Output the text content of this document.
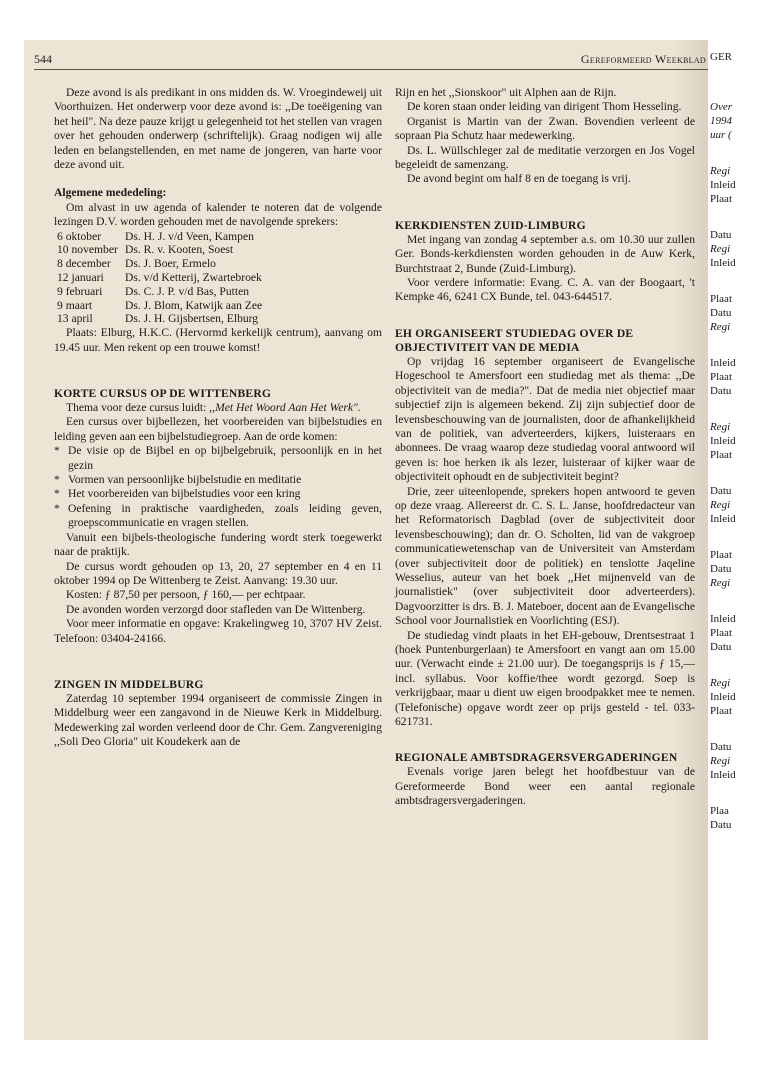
544	Gereformeerd Weekblad

Deze avond is als predikant in ons midden ds. W. Vroegindeweij uit Voorthuizen. Het onderwerp voor deze avond is: ,,De toeëigening van het heil". Na deze pauze krijgt u gelegenheid tot het stellen van vragen over het gehouden onderwerp (schriftelijk). Graag nodigen wij alle leden en belangstellenden, en met name de jongeren, van harte voor deze avond uit.

Algemene mededeling:

Om alvast in uw agenda of kalender te noteren dat de volgende lezingen D.V. worden gehouden met de navolgende sprekers:

6 oktober	Ds. H. J. v/d Veen, Kampen
10 november	Ds. R. v. Kooten, Soest
8 december	Ds. J. Boer, Ermelo
12 januari	Ds. v/d Ketterij, Zwartebroek
9 februari	Ds. C. J. P. v/d Bas, Putten
9 maart	Ds. J. Blom, Katwijk aan Zee
13 april	Ds. J. H. Gijsbertsen, Elburg

Plaats: Elburg, H.K.C. (Hervormd kerkelijk centrum), aanvang om 19.45 uur. Men rekent op een trouwe komst!

KORTE CURSUS OP DE WITTENBERG

Thema voor deze cursus luidt: ,,Met Het Woord Aan Het Werk".

Een cursus over bijbellezen, het voorbereiden van bijbelstudies en leiding geven aan een bijbelstudiegroep. Aan de orde komen:

* De visie op de Bijbel en op bijbelgebruik, persoonlijk en in het gezin
* Vormen van persoonlijke bijbelstudie en meditatie
* Het voorbereiden van bijbelstudies voor een kring
* Oefening in praktische vaardigheden, zoals leiding geven, groepscommunicatie en vragen stellen.

Vanuit een bijbels-theologische fundering wordt sterk toegewerkt naar de praktijk.

De cursus wordt gehouden op 13, 20, 27 september en 4 en 11 oktober 1994 op De Wittenberg te Zeist. Aanvang: 19.30 uur.

Kosten: ƒ 87,50 per persoon, ƒ 160,— per echtpaar.

De avonden worden verzorgd door stafleden van De Wittenberg.

Voor meer informatie en opgave: Krakelingweg 10, 3707 HV Zeist. Telefoon: 03404-24166.

ZINGEN IN MIDDELBURG

Zaterdag 10 september 1994 organiseert de commissie Zingen in Middelburg weer een zangavond in de Nieuwe Kerk in Middelburg. Medewerking zal worden verleend door de Chr. Gem. Zangvereniging ,,Soli Deo Gloria" uit Koudekerk aan de

Rijn en het ,,Sionskoor" uit Alphen aan de Rijn.

De koren staan onder leiding van dirigent Thom Hesseling.

Organist is Martin van der Zwan. Bovendien verleent de sopraan Pia Schutz haar medewerking.

Ds. L. Wüllschleger zal de meditatie verzorgen en Jos Vogel begeleidt de samenzang.

De avond begint om half 8 en de toegang is vrij.

KERKDIENSTEN ZUID-LIMBURG

Met ingang van zondag 4 september a.s. om 10.30 uur zullen Ger. Bonds-kerkdiensten worden gehouden in de Auw Kerk, Burchtstraat 2, Bunde (Zuid-Limburg).

Voor verdere informatie: Evang. C. A. van der Boogaart, 't Kempke 46, 6241 CX Bunde, tel. 043-644517.

EH ORGANISEERT STUDIEDAG OVER DE OBJECTIVITEIT VAN DE MEDIA

Op vrijdag 16 september organiseert de Evangelische Hogeschool te Amersfoort een studiedag met als thema: ,,De objectiviteit van de media?". Dat de media niet objectief maar subjectief zijn is algemeen bekend. Zij zijn subjectief door de levensbeschouwing van de journalisten, door de afhankelijkheid van de politiek, van adverteerders, kijkers, luisteraars en abonnees. De vraag waarop deze studiedag vooral antwoord wil geven is: hoe herken ik als lezer, luisteraar of kijker waar de objectiviteit ophoudt en de subjectiviteit begint?

Drie, zeer uiteenlopende, sprekers hopen antwoord te geven op deze vraag. Allereerst dr. C. S. L. Janse, hoofdredacteur van het Reformatorisch Dagblad (over de subjectiviteit door levensbeschouwing); dan dr. O. Scholten, lid van de vakgroep communicatiewetenschap van de Universiteit van Amsterdam (over subjectiviteit door de politiek) en tenslotte Jaqeline Wesselius, auteur van het boek ,,Het mijnenveld van de journalistiek" (over subjectiviteit door adverteerders). Dagvoorzitter is drs. B. J. Mateboer, docent aan de Evangelische School voor Journalistiek en Voorlichting (ESJ).

De studiedag vindt plaats in het EH-gebouw, Drentsestraat 1 (hoek Puntenburgerlaan) te Amersfoort en vangt aan om 15.00 uur. (Verwacht einde ± 21.00 uur). De toegangsprijs is ƒ 15,— incl. syllabus. Voor koffie/thee wordt gezorgd. Soep is verkrijgbaar, maar u dient uw eigen broodpakket mee te nemen. (Telefonische) opgave wordt zeer op prijs gesteld - tel. 033-621731.

REGIONALE AMBTSDRAGERSVERGADERINGEN

Evenals vorige jaren belegt het hoofdbestuur van de Gereformeerde Bond weer een aantal regionale ambtsdragersvergaderingen.

GER
Over
1994
uur (
Regi
Inleid
Plaat
Datu
Regi
Inleid
Plaat
Datu
Regi
Inleid
Plaat
Datu
Regi
Inleid
Plaat
Datu
Regi
Inleid
Plaat
Datu
Regi
Inleid
Plaat
Datu
Regi
Inleid
Plaat
Datu
Regi
Inleid
Plaa
Datu
